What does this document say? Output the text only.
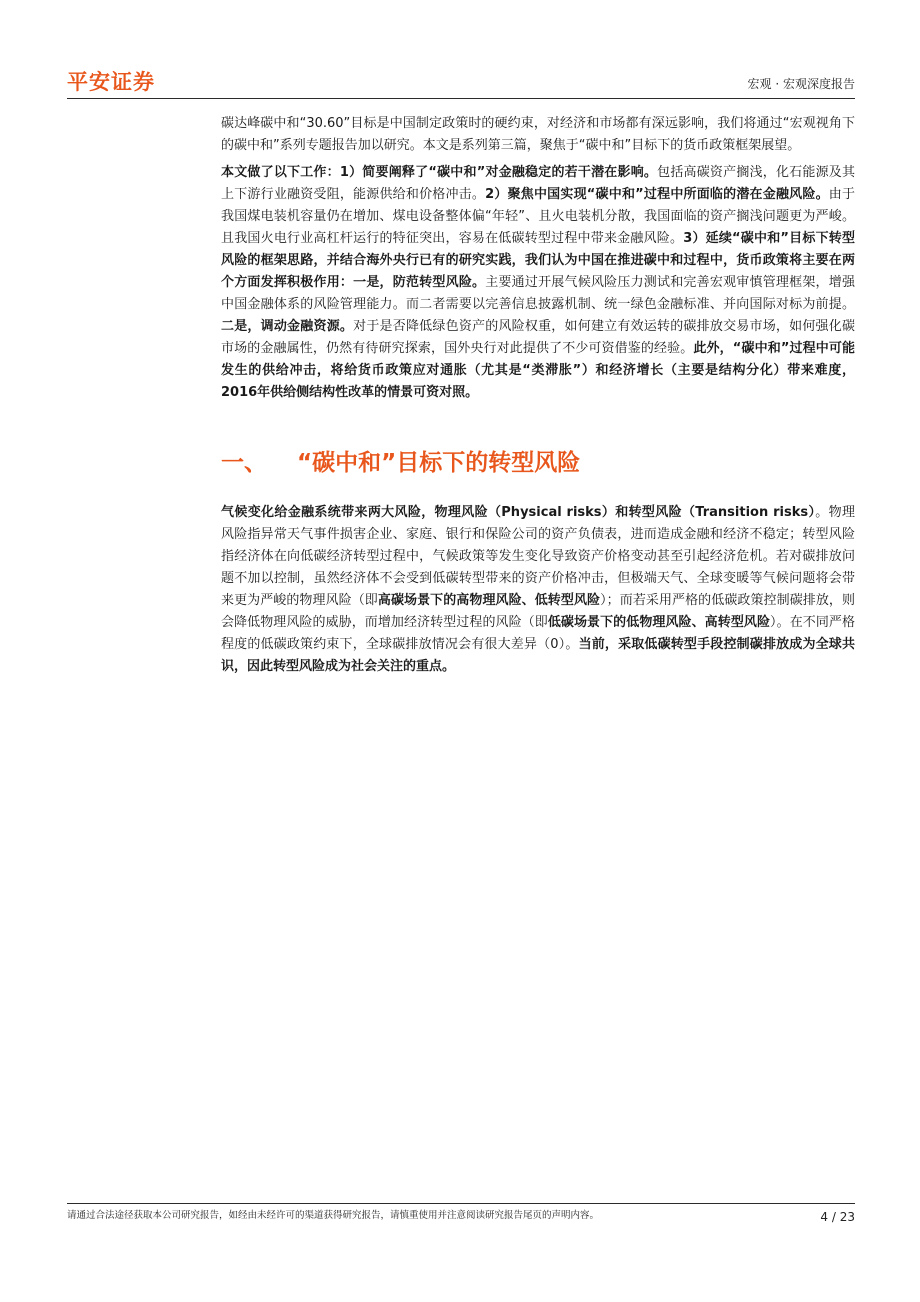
平安证券	宏观 · 宏观深度报告

碳达峰碳中和“30.60”目标是中国制定政策时的硬约束，对经济和市场都有深远影响，我们将通过“宏观视角下的碳中和”系列专题报告加以研究。本文是系列第三篇，聚焦于“碳中和”目标下的货币政策框架展望。

本文做了以下工作：1）简要阐释了“碳中和”对金融稳定的若干潜在影响。包括高碳资产搁浅，化石能源及其上下游行业融资受阻，能源供给和价格冲击。2）聚焦中国实现“碳中和”过程中所面临的潜在金融风险。由于我国煤电装机容量仍在增加、煤电设备整体偏“年轻”、且火电装机分散，我国面临的资产搁浅问题更为严峻。且我国火电行业高杠杆运行的特征突出，容易在低碳转型过程中带来金融风险。3）延续“碳中和”目标下转型风险的框架思路，并结合海外央行已有的研究实践，我们认为中国在推进碳中和过程中，货币政策将主要在两个方面发挥积极作用：一是，防范转型风险。主要通过开展气候风险压力测试和完善宏观审慎管理框架，增强中国金融体系的风险管理能力。而二者需要以完善信息披露机制、统一绿色金融标准、并向国际对标为前提。二是，调动金融资源。对于是否降低绿色资产的风险权重，如何建立有效运转的碳排放交易市场，如何强化碳市场的金融属性，仍然有待研究探索，国外央行对此提供了不少可资借鉴的经验。此外，“碳中和”过程中可能发生的供给冲击，将给货币政策应对通胀（尤其是“类滞胀”）和经济增长（主要是结构分化）带来难度，2016年供给侧结构性改革的情景可资对照。

一、 “碳中和”目标下的转型风险

气候变化给金融系统带来两大风险，物理风险（Physical risks）和转型风险（Transition risks）。物理风险指异常天气事件损害企业、家庭、银行和保险公司的资产负债表，进而造成金融和经济不稳定；转型风险指经济体在向低碳经济转型过程中，气候政策等发生变化导致资产价格变动甚至引起经济危机。若对碳排放问题不加以控制，虽然经济体不会受到低碳转型带来的资产价格冲击，但极端天气、全球变暖等气候问题将会带来更为严峻的物理风险（即高碳场景下的高物理风险、低转型风险）；而若采用严格的低碳政策控制碳排放，则会降低物理风险的威胁，而增加经济转型过程的风险（即低碳场景下的低物理风险、高转型风险）。在不同严格程度的低碳政策约束下，全球碳排放情况会有很大差异（0）。当前，采取低碳转型手段控制碳排放成为全球共识，因此转型风险成为社会关注的重点。

请通过合法途径获取本公司研究报告，如经由未经许可的渠道获得研究报告，请慎重使用并注意阅读研究报告尾页的声明内容。	4 / 23
